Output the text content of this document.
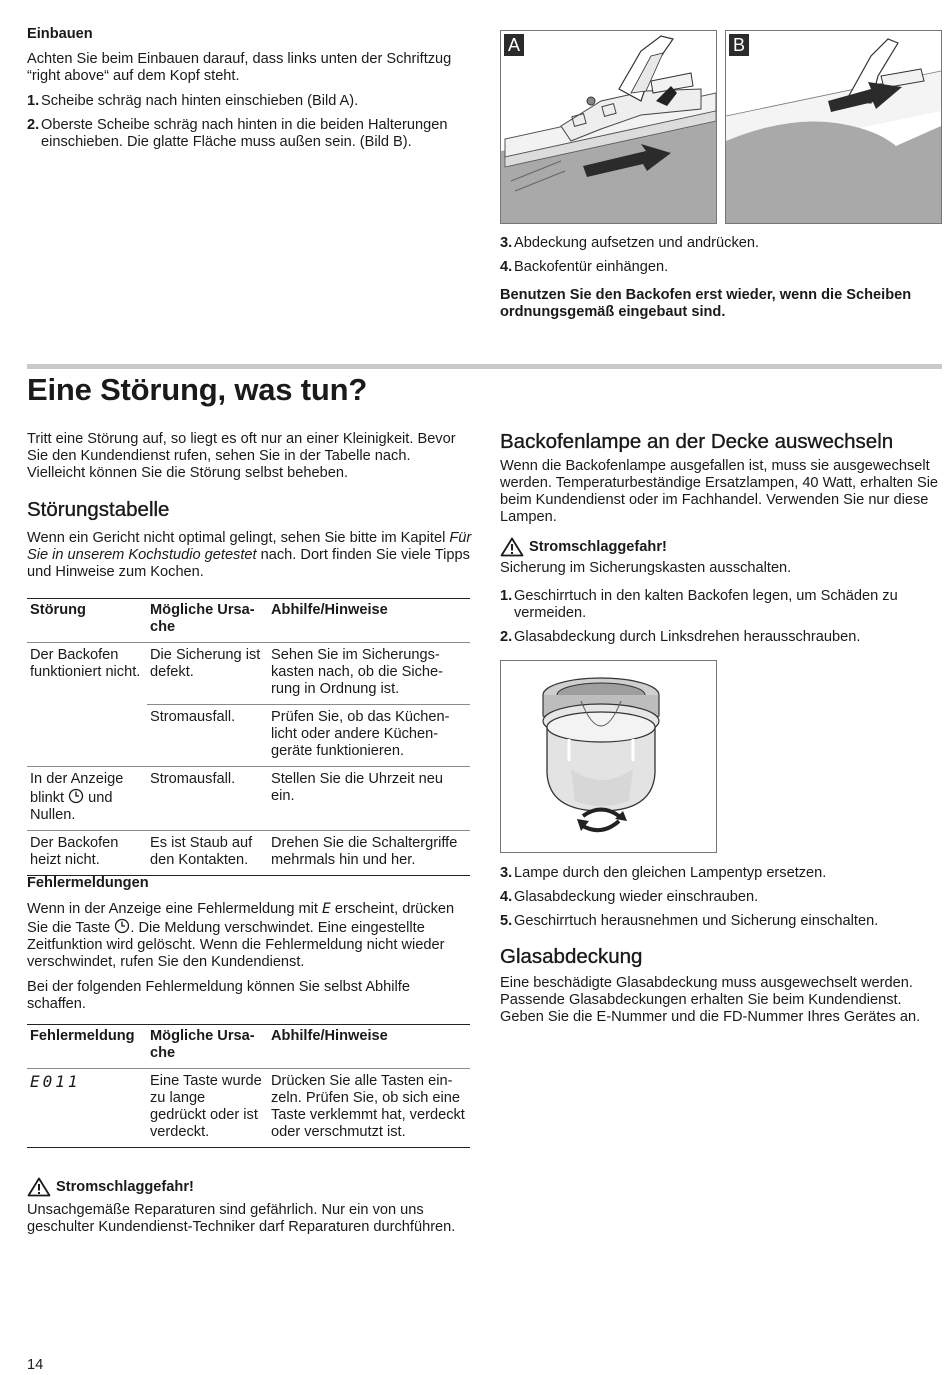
Einbauen

Achten Sie beim Einbauen darauf, dass links unten der Schriftzug “right above“ auf dem Kopf steht.

1. Scheibe schräg nach hinten einschieben (Bild A).
2. Oberste Scheibe schräg nach hinten in die beiden Halterungen einschieben. Die glatte Fläche muss außen sein. (Bild B).
A	B
3. Abdeckung aufsetzen und andrücken.
4. Backofentür einhängen.

Benutzen Sie den Backofen erst wieder, wenn die Scheiben ordnungsgemäß eingebaut sind.

Eine Störung, was tun?

Tritt eine Störung auf, so liegt es oft nur an einer Kleinigkeit. Bevor Sie den Kundendienst rufen, sehen Sie in der Tabelle nach. Vielleicht können Sie die Störung selbst beheben.

Störungstabelle

Wenn ein Gericht nicht optimal gelingt, sehen Sie bitte im Kapitel Für Sie in unserem Kochstudio getestet nach. Dort finden Sie viele Tipps und Hinweise zum Kochen.

Störung	Mögliche Ursache	Abhilfe/Hinweise
Der Backofen funktioniert nicht.	Die Sicherung ist defekt.	Sehen Sie im Sicherungskasten nach, ob die Sicherung in Ordnung ist.
	Stromausfall.	Prüfen Sie, ob das Küchenlicht oder andere Küchengeräte funktionieren.
In der Anzeige blinkt  und Nullen.	Stromausfall.	Stellen Sie die Uhrzeit neu ein.
Der Backofen heizt nicht.	Es ist Staub auf den Kontakten.	Drehen Sie die Schaltergriffe mehrmals hin und her.

Fehlermeldungen

Wenn in der Anzeige eine Fehlermeldung mit E erscheint, drücken Sie die Taste . Die Meldung verschwindet. Eine eingestellte Zeitfunktion wird gelöscht. Wenn die Fehlermeldung nicht wieder verschwindet, rufen Sie den Kundendienst.

Bei der folgenden Fehlermeldung können Sie selbst Abhilfe schaffen.

Fehlermeldung	Mögliche Ursache	Abhilfe/Hinweise
E011	Eine Taste wurde zu lange gedrückt oder ist verdeckt.	Drücken Sie alle Tasten einzeln. Prüfen Sie, ob sich eine Taste verklemmt hat, verdeckt oder verschmutzt ist.
Stromschlaggefahr!

Unsachgemäße Reparaturen sind gefährlich. Nur ein von uns geschulter Kundendienst-Techniker darf Reparaturen durchführen.

Backofenlampe an der Decke auswechseln

Wenn die Backofenlampe ausgefallen ist, muss sie ausgewechselt werden. Temperaturbeständige Ersatzlampen, 40 Watt, erhalten Sie beim Kundendienst oder im Fachhandel. Verwenden Sie nur diese Lampen.

Stromschlaggefahr!

Sicherung im Sicherungskasten ausschalten.

1. Geschirrtuch in den kalten Backofen legen, um Schäden zu vermeiden.
2. Glasabdeckung durch Linksdrehen herausschrauben.
3. Lampe durch den gleichen Lampentyp ersetzen.
4. Glasabdeckung wieder einschrauben.
5. Geschirrtuch herausnehmen und Sicherung einschalten.
Glasabdeckung

Eine beschädigte Glasabdeckung muss ausgewechselt werden. Passende Glasabdeckungen erhalten Sie beim Kundendienst. Geben Sie die E-Nummer und die FD-Nummer Ihres Gerätes an.

14
